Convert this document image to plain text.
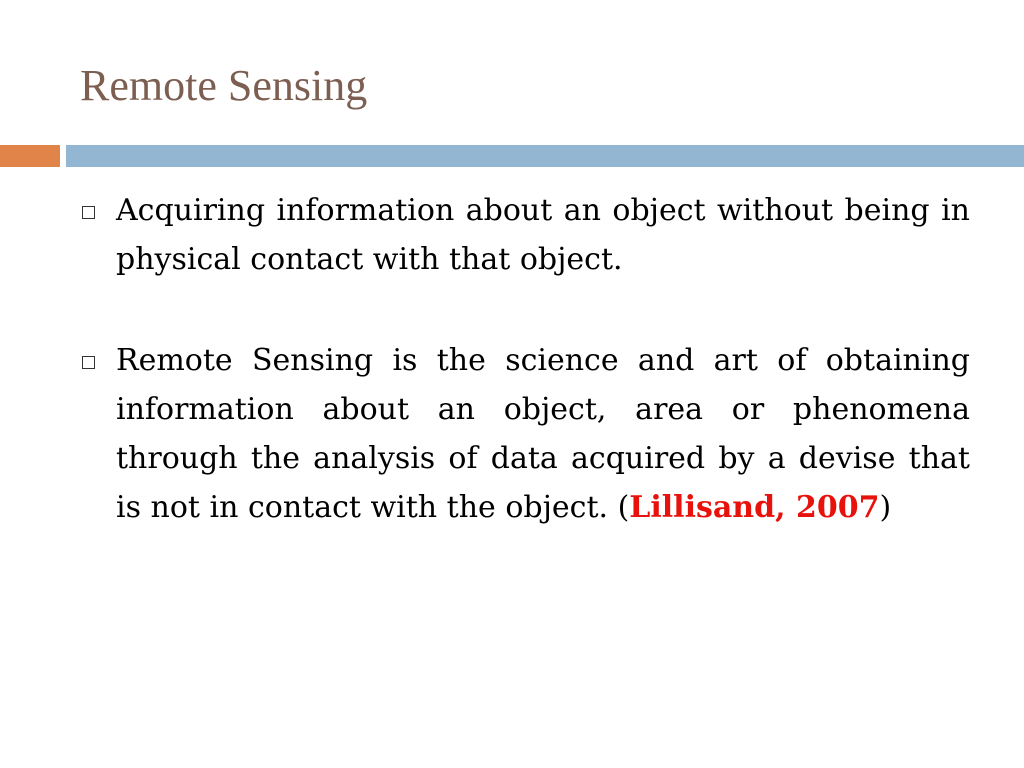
Remote Sensing
Acquiring information about an object without being in physical contact with that object.
Remote Sensing is the science and art of obtaining information about an object, area or phenomena through the analysis of data acquired by a devise that is not in contact with the object. (Lillisand, 2007)
